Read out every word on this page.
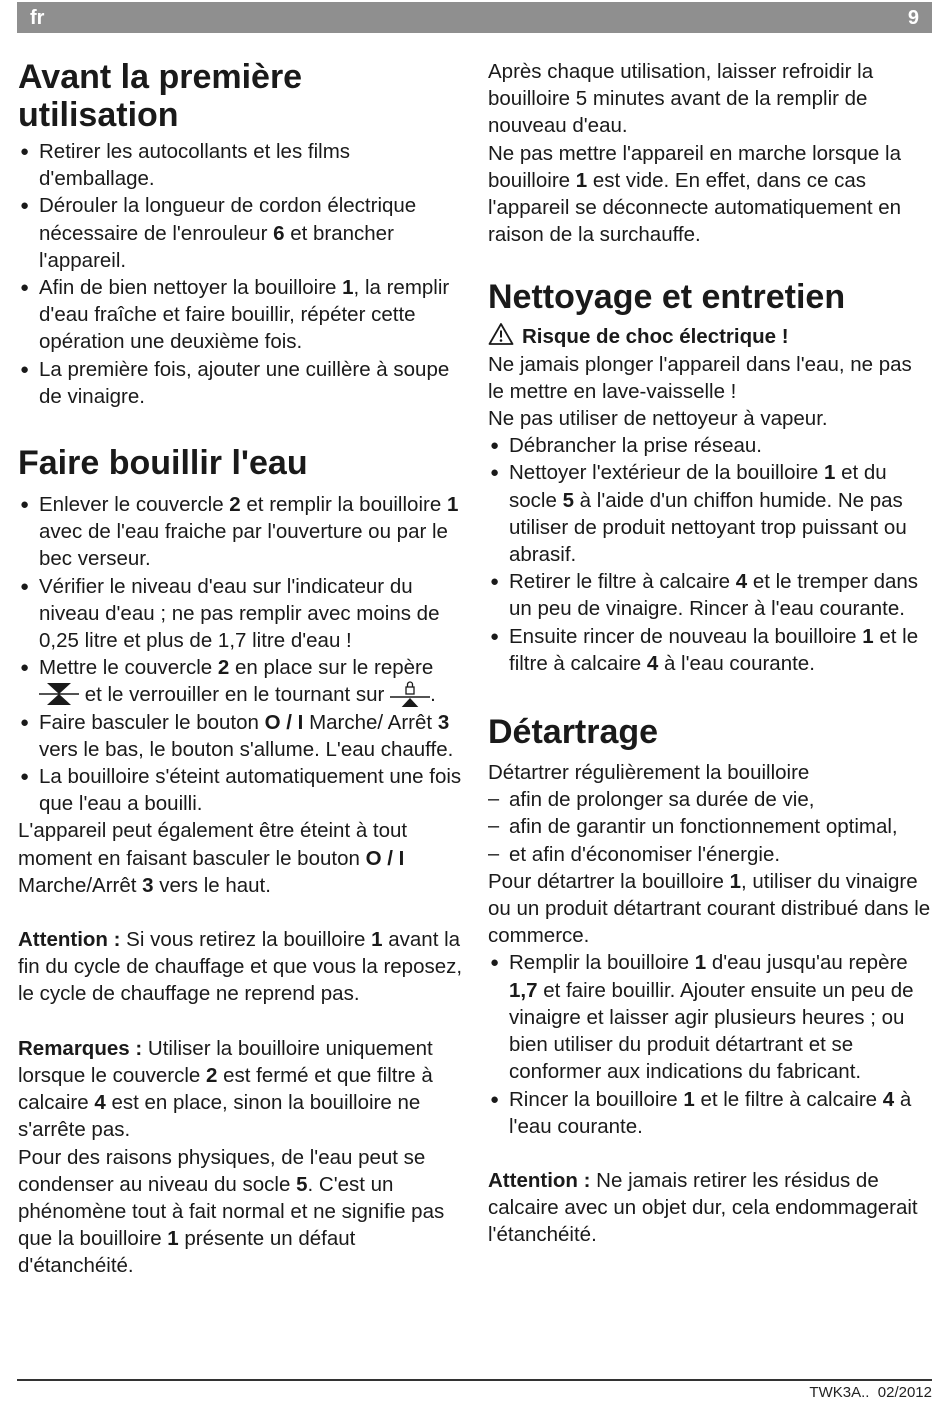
fr	9
Avant la première utilisation
● Retirer les autocollants et les films d'emballage.
● Dérouler la longueur de cordon électrique nécessaire de l'enrouleur 6 et brancher l'appareil.
● Afin de bien nettoyer la bouilloire 1, la remplir d'eau fraîche et faire bouillir, répéter cette opération une deuxième fois.
● La première fois, ajouter une cuillère à soupe de vinaigre.
Faire bouillir l'eau
● Enlever le couvercle 2 et remplir la bouilloire 1 avec de l'eau fraiche par l'ouverture ou par le bec verseur.
● Vérifier le niveau d'eau sur l'indicateur du niveau d'eau ; ne pas remplir avec moins de 0,25 litre et plus de 1,7 litre d'eau !
● Mettre le couvercle 2 en place sur le repère  et le verrouiller en le tournant sur .
● Faire basculer le bouton O / I Marche/ Arrêt 3 vers le bas, le bouton s'allume. L'eau chauffe.
● La bouilloire s'éteint automatiquement une fois que l'eau a bouilli.

L'appareil peut également être éteint à tout moment en faisant basculer le bouton O / I Marche/Arrêt 3 vers le haut.

Attention : Si vous retirez la bouilloire 1 avant la fin du cycle de chauffage et que vous la reposez, le cycle de chauffage ne reprend pas.

Remarques : Utiliser la bouilloire uniquement lorsque le couvercle 2 est fermé et que filtre à calcaire 4 est en place, sinon la bouilloire ne s'arrête pas.

Pour des raisons physiques, de l'eau peut se condenser au niveau du socle 5. C'est un phénomène tout à fait normal et ne signifie pas que la bouilloire 1 présente un défaut d'étanchéité.

Après chaque utilisation, laisser refroidir la bouilloire 5 minutes avant de la remplir de nouveau d'eau.

Ne pas mettre l'appareil en marche lorsque la bouilloire 1 est vide. En effet, dans ce cas l'appareil se déconnecte automatiquement en raison de la surchauffe.

Nettoyage et entretien

Risque de choc électrique !

Ne jamais plonger l'appareil dans l'eau, ne pas le mettre en lave-vaisselle !

Ne pas utiliser de nettoyeur à vapeur.

● Débrancher la prise réseau.
● Nettoyer l'extérieur de la bouilloire 1 et du socle 5 à l'aide d'un chiffon humide. Ne pas utiliser de produit nettoyant trop puissant ou abrasif.
● Retirer le filtre à calcaire 4 et le tremper dans un peu de vinaigre. Rincer à l'eau courante.
● Ensuite rincer de nouveau la bouilloire 1 et le filtre à calcaire 4 à l'eau courante.
Détartrage

Détartrer régulièrement la bouilloire

– afin de prolonger sa durée de vie,
– afin de garantir un fonctionnement optimal,
– et afin d'économiser l'énergie.

Pour détartrer la bouilloire 1, utiliser du vinaigre ou un produit détartrant courant distribué dans le commerce.

● Remplir la bouilloire 1 d'eau jusqu'au repère 1,7 et faire bouillir. Ajouter ensuite un peu de vinaigre et laisser agir plusieurs heures ; ou bien utiliser du produit détartrant et se conformer aux indications du fabricant.
● Rincer la bouilloire 1 et le filtre à calcaire 4 à l'eau courante.

Attention : Ne jamais retirer les résidus de calcaire avec un objet dur, cela endommagerait l'étanchéité.

TWK3A.. 02/2012
